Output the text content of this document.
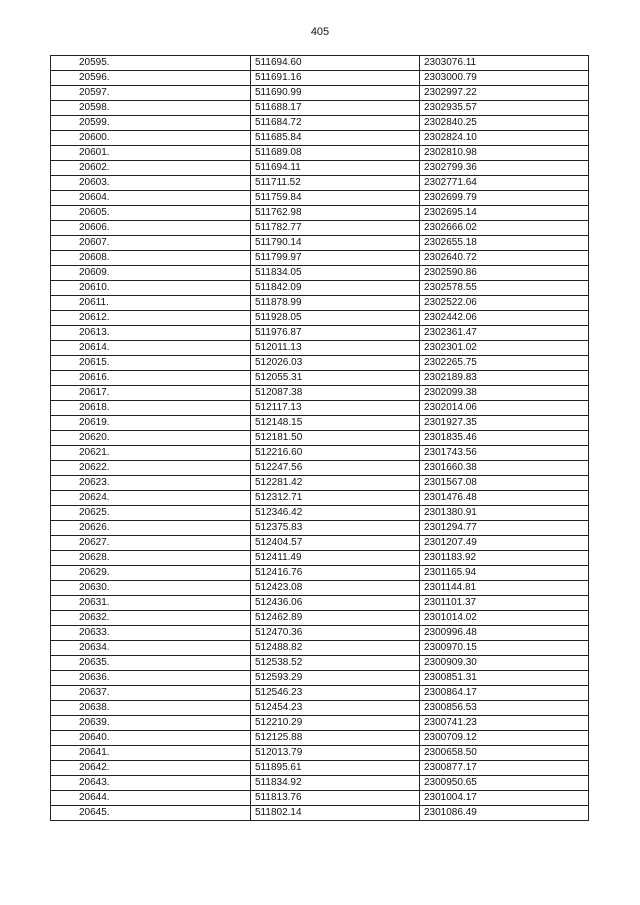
405
20595.	511694.60	2303076.11
20596.	511691.16	2303000.79
20597.	511690.99	2302997.22
20598.	511688.17	2302935.57
20599.	511684.72	2302840.25
20600.	511685.84	2302824.10
20601.	511689.08	2302810.98
20602.	511694.11	2302799.36
20603.	511711.52	2302771.64
20604.	511759.84	2302699.79
20605.	511762.98	2302695.14
20606.	511782.77	2302666.02
20607.	511790.14	2302655.18
20608.	511799.97	2302640.72
20609.	511834.05	2302590.86
20610.	511842.09	2302578.55
20611.	511878.99	2302522.06
20612.	511928.05	2302442.06
20613.	511976.87	2302361.47
20614.	512011.13	2302301.02
20615.	512026.03	2302265.75
20616.	512055.31	2302189.83
20617.	512087.38	2302099.38
20618.	512117.13	2302014.06
20619.	512148.15	2301927.35
20620.	512181.50	2301835.46
20621.	512216.60	2301743.56
20622.	512247.56	2301660.38
20623.	512281.42	2301567.08
20624.	512312.71	2301476.48
20625.	512346.42	2301380.91
20626.	512375.83	2301294.77
20627.	512404.57	2301207.49
20628.	512411.49	2301183.92
20629.	512416.76	2301165.94
20630.	512423.08	2301144.81
20631.	512436.06	2301101.37
20632.	512462.89	2301014.02
20633.	512470.36	2300996.48
20634.	512488.82	2300970.15
20635.	512538.52	2300909.30
20636.	512593.29	2300851.31
20637.	512546.23	2300864.17
20638.	512454.23	2300856.53
20639.	512210.29	2300741.23
20640.	512125.88	2300709.12
20641.	512013.79	2300658.50
20642.	511895.61	2300877.17
20643.	511834.92	2300950.65
20644.	511813.76	2301004.17
20645.	511802.14	2301086.49
